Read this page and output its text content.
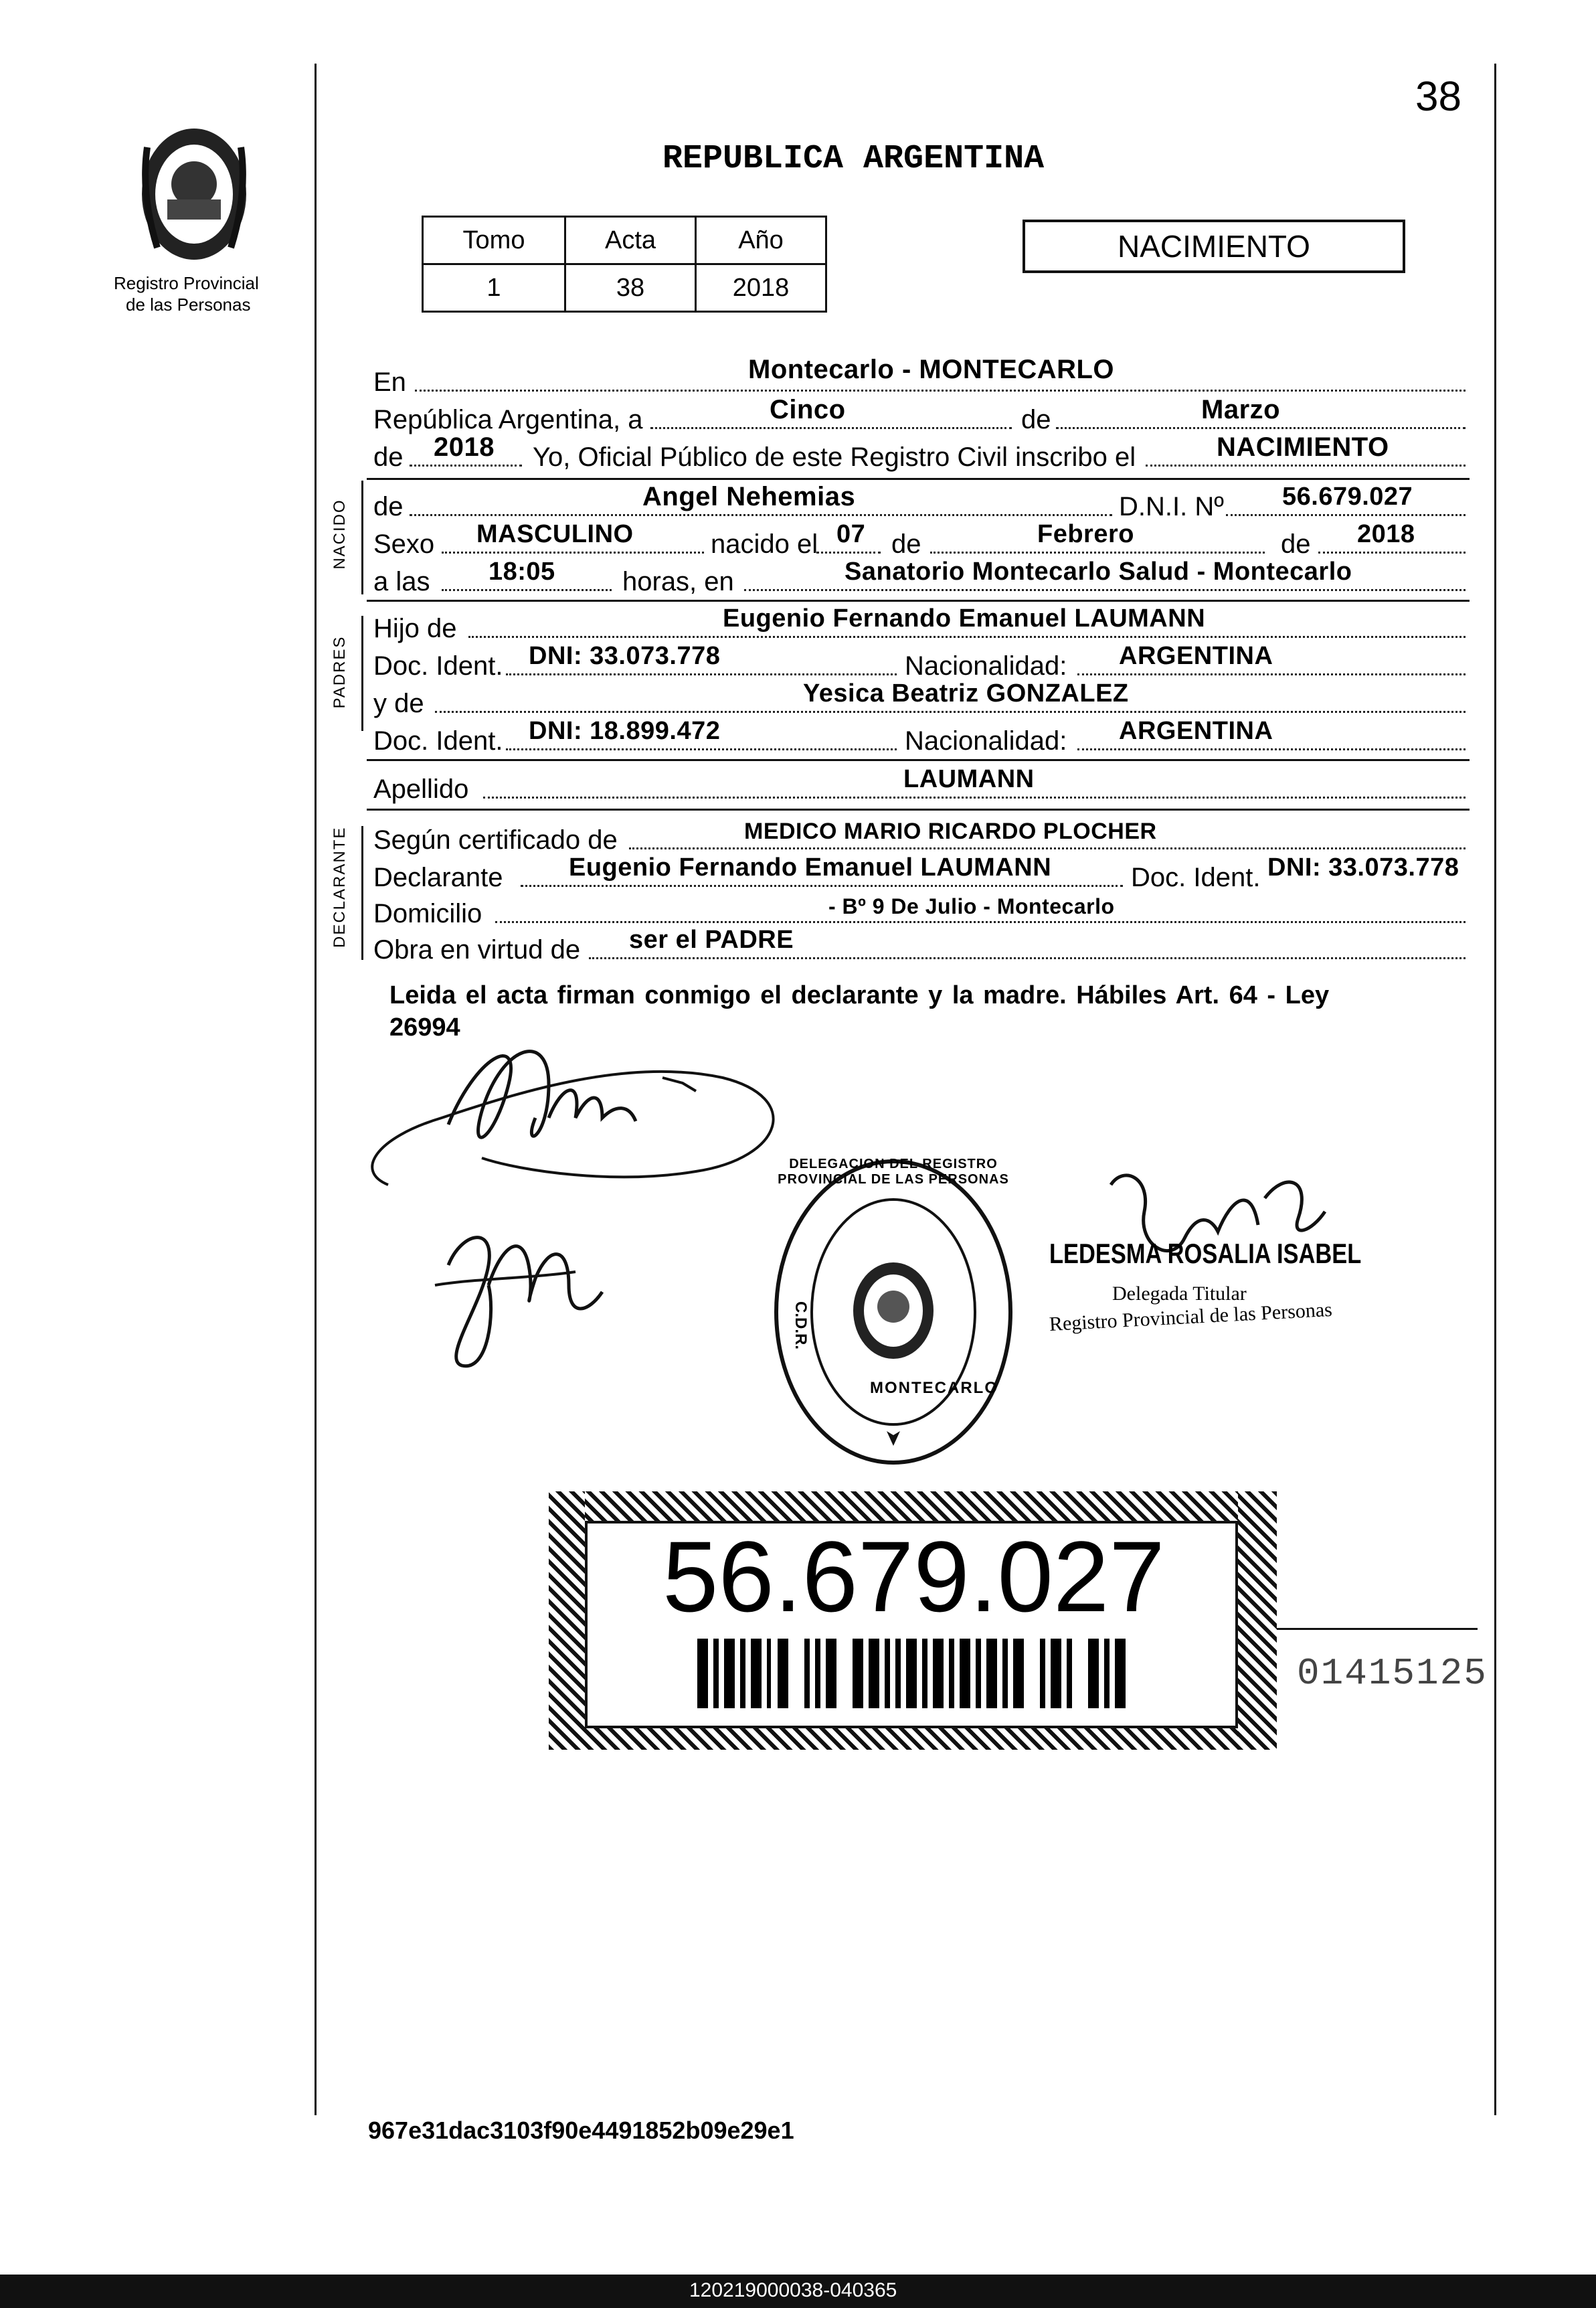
38
Registro Provincial
de las Personas
REPUBLICA ARGENTINA
Tomo	Acta	Año
1	38	2018
NACIMIENTO
En	Montecarlo - MONTECARLO
República Argentina, a	Cinco	de	Marzo
de 2018 Yo, Oficial Público de este Registro Civil inscribo el	NACIMIENTO
NACIDO de	Angel Nehemias	D.N.I. Nº 56.679.027
Sexo MASCULINO	nacido el 07 de	Febrero	de 2018
a las 18:05	horas, en	Sanatorio Montecarlo Salud - Montecarlo
PADRES
Hijo de	Eugenio Fernando Emanuel LAUMANN
Doc. Ident. DNI: 33.073.778	Nacionalidad: ARGENTINA
y de	Yesica Beatriz GONZALEZ
Doc. Ident. DNI: 18.899.472	Nacionalidad: ARGENTINA
Apellido	LAUMANN
DECLARANTE Según certificado de	MEDICO MARIO RICARDO PLOCHER
Declarante	Eugenio Fernando Emanuel LAUMANN	Doc. Ident. DNI: 33.073.778
Domicilio	- Bº 9 De Julio - Montecarlo
Obra en virtud de ser el PADRE
Leida el acta firman conmigo el declarante y la madre. Hábiles Art. 64 - Ley
26994
DELEGACION DEL REGISTRO PROVINCIAL DE LAS PERSONAS
C.D.R.
MONTECARLO
LEDESMA ROSALIA ISABEL
Delegada Titular
Registro Provincial de las Personas
56.679.027
01415125
967e31dac3103f90e4491852b09e29e1
120219000038-040365
